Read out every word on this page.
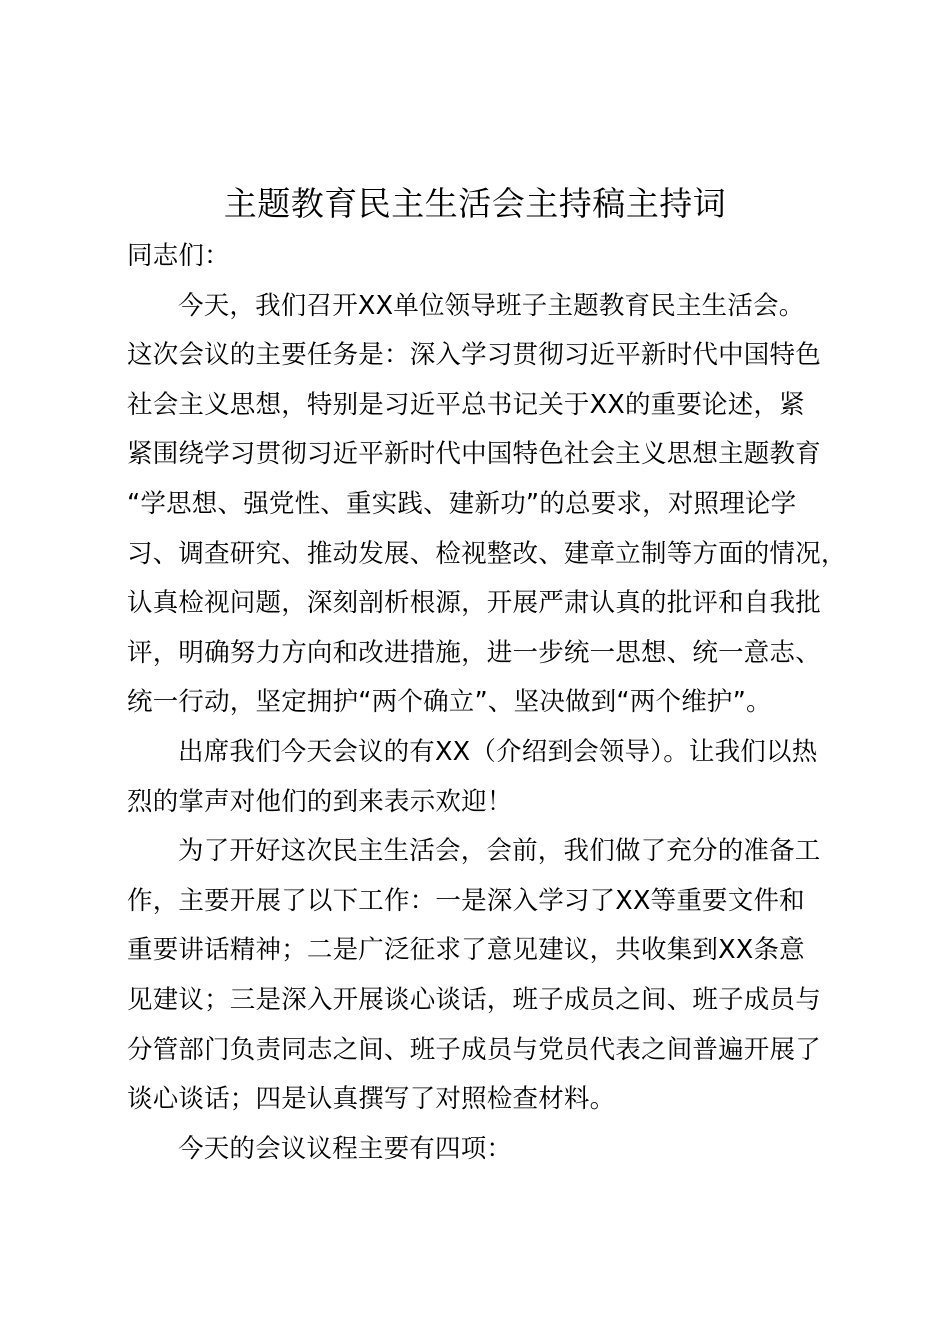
主题教育民主生活会主持稿主持词
同志们：
今天，我们召开XX单位领导班子主题教育民主生活会。
这次会议的主要任务是：深入学习贯彻习近平新时代中国特色
社会主义思想，特别是习近平总书记关于XX的重要论述，紧
紧围绕学习贯彻习近平新时代中国特色社会主义思想主题教育
“学思想、强党性、重实践、建新功”的总要求，对照理论学
习、调查研究、推动发展、检视整改、建章立制等方面的情况，
认真检视问题，深刻剖析根源，开展严肃认真的批评和自我批
评，明确努力方向和改进措施，进一步统一思想、统一意志、
统一行动，坚定拥护“两个确立”、坚决做到“两个维护”。
出席我们今天会议的有XX（介绍到会领导）。让我们以热
烈的掌声对他们的到来表示欢迎！
为了开好这次民主生活会，会前，我们做了充分的准备工
作，主要开展了以下工作：一是深入学习了XX等重要文件和
重要讲话精神；二是广泛征求了意见建议，共收集到XX条意
见建议；三是深入开展谈心谈话，班子成员之间、班子成员与
分管部门负责同志之间、班子成员与党员代表之间普遍开展了
谈心谈话；四是认真撰写了对照检查材料。
今天的会议议程主要有四项：
